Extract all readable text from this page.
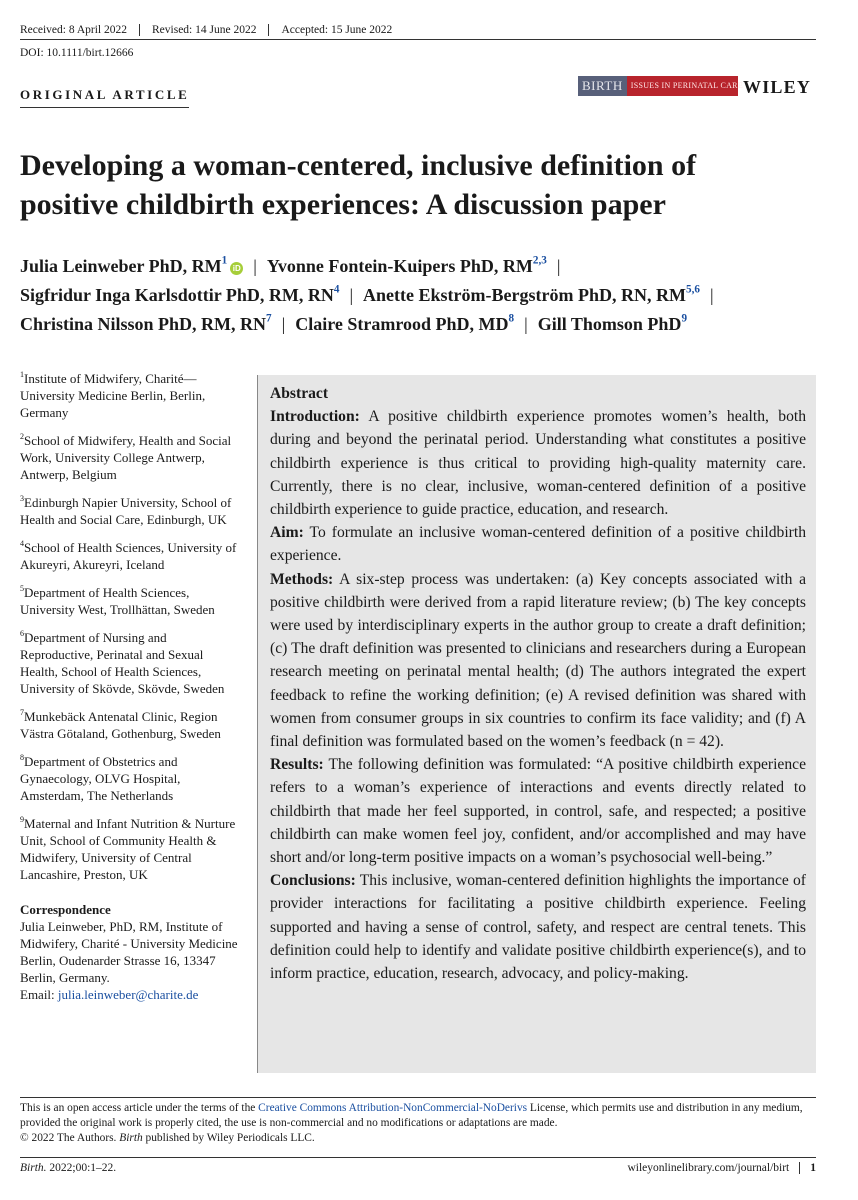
Received: 8 April 2022	Revised: 14 June 2022	Accepted: 15 June 2022
DOI: 10.1111/birt.12666
ORIGINAL ARTICLE
BIRTH	ISSUES IN PERINATAL CARE WILEY
Developing a woman-centered, inclusive definition of
positive childbirth experiences: A discussion paper
Julia Leinweber PhD, $RM^1iD$ | Yvonne Fontein-Kuipers PhD, RM$^{2,3}$ |
Sigfridur Inga Karlsdottir PhD, RM, $RN^4$ | Anette Ekström-Bergström PhD, RN, RM$^{5,6}$ |
Christina Nilsson PhD, RM, $RN^7$ | Claire Stramrood PhD, $MD^8$ | Gill Thomson PhD$^9$
$^1$Institute of Midwifery, Charité—University Medicine Berlin, Berlin, Germany
$^2$School of Midwifery, Health and Social Work, University College Antwerp, Antwerp, Belgium
$^3$Edinburgh Napier University, School of Health and Social Care, Edinburgh, UK
$^4$School of Health Sciences, University of Akureyri, Akureyri, Iceland
$^5$Department of Health Sciences, University West, Trollhättan, Sweden
$^6$Department of Nursing and Reproductive, Perinatal and Sexual Health, School of Health Sciences, University of Skövde, Skövde, Sweden
$^7$Munkebäck Antenatal Clinic, Region Västra Götaland, Gothenburg, Sweden
$^8$Department of Obstetrics and Gynaecology, OLVG Hospital, Amsterdam, The Netherlands
$^9$Maternal and Infant Nutrition & Nurture Unit, School of Community Health & Midwifery, University of Central Lancashire, Preston, UK
Correspondence
Julia Leinweber, PhD, RM, Institute of Midwifery, Charité - University Medicine Berlin, Oudenarder Strasse 16, 13347 Berlin, Germany.
Email: julia.leinweber@charite.de

Abstract

Introduction: A positive childbirth experience promotes women’s health, both during and beyond the perinatal period. Understanding what constitutes a positive childbirth experience is thus critical to providing high-quality maternity care. Currently, there is no clear, inclusive, woman-centered definition of a positive childbirth experience to guide practice, education, and research.

Aim: To formulate an inclusive woman-centered definition of a positive childbirth experience.

Methods: A six-step process was undertaken: (a) Key concepts associated with a positive childbirth were derived from a rapid literature review; (b) The key concepts were used by interdisciplinary experts in the author group to create a draft definition; (c) The draft definition was presented to clinicians and researchers during a European research meeting on perinatal mental health; (d) The authors integrated the expert feedback to refine the working definition; (e) A revised definition was shared with women from consumer groups in six countries to confirm its face validity; and (f) A final definition was formulated based on the women’s feedback (n = 42).

Results: The following definition was formulated: “A positive childbirth experience refers to a woman’s experience of interactions and events directly related to childbirth that made her feel supported, in control, safe, and respected; a positive childbirth can make women feel joy, confident, and/or accomplished and may have short and/or long-term positive impacts on a woman’s psychosocial well-being.”

Conclusions: This inclusive, woman-centered definition highlights the importance of provider interactions for facilitating a positive childbirth experience. Feeling supported and having a sense of control, safety, and respect are central tenets. This definition could help to identify and validate positive childbirth experience(s), and to inform practice, education, research, advocacy, and policy-making.

This is an open access article under the terms of the Creative Commons Attribution-NonCommercial-NoDerivs License, which permits use and distribution in any medium, provided the original work is properly cited, the use is non-commercial and no modifications or adaptations are made.
© 2022 The Authors. Birth published by Wiley Periodicals LLC.
Birth. 2022;00:1–22.	wileyonlinelibrary.com/journal/birt	1
